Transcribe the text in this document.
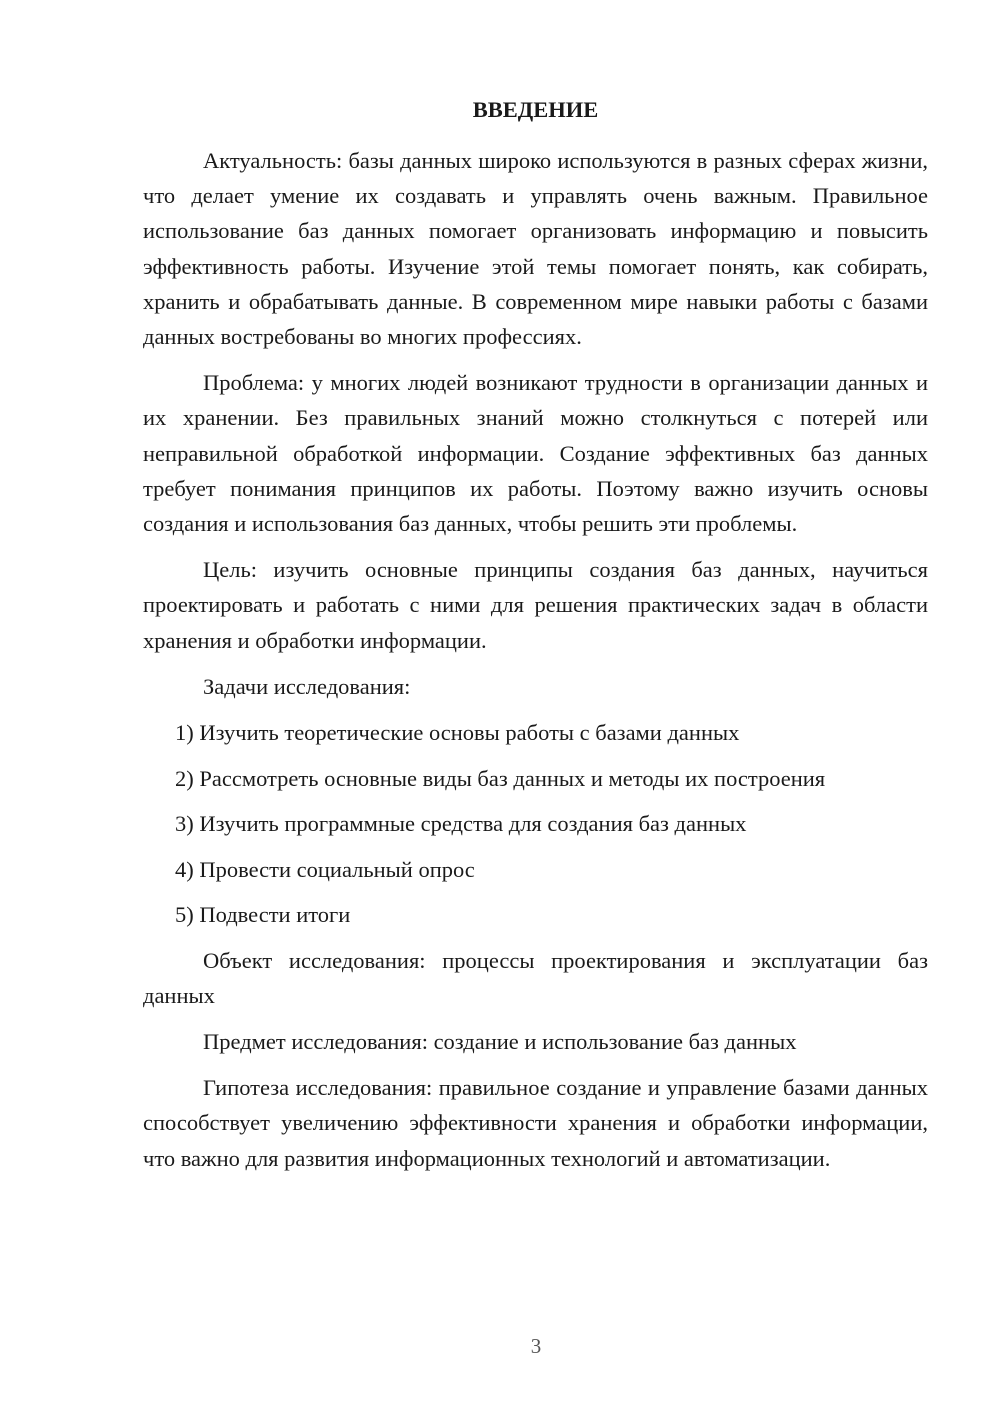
ВВЕДЕНИЕ

Актуальность: базы данных широко используются в разных сферах жизни, что делает умение их создавать и управлять очень важным. Правильное использование баз данных помогает организовать информацию и повысить эффективность работы. Изучение этой темы помогает понять, как собирать, хранить и обрабатывать данные. В современном мире навыки работы с базами данных востребованы во многих профессиях.

Проблема: у многих людей возникают трудности в организации данных и их хранении. Без правильных знаний можно столкнуться с потерей или неправильной обработкой информации. Создание эффективных баз данных требует понимания принципов их работы. Поэтому важно изучить основы создания и использования баз данных, чтобы решить эти проблемы.

Цель: изучить основные принципы создания баз данных, научиться проектировать и работать с ними для решения практических задач в области хранения и обработки информации.

Задачи исследования:

1) Изучить теоретические основы работы с базами данных
2) Рассмотреть основные виды баз данных и методы их построения
3) Изучить программные средства для создания баз данных
4) Провести социальный опрос
5) Подвести итоги

Объект исследования: процессы проектирования и эксплуатации баз данных

Предмет исследования: создание и использование баз данных

Гипотеза исследования: правильное создание и управление базами данных способствует увеличению эффективности хранения и обработки информации, что важно для развития информационных технологий и автоматизации.

3
